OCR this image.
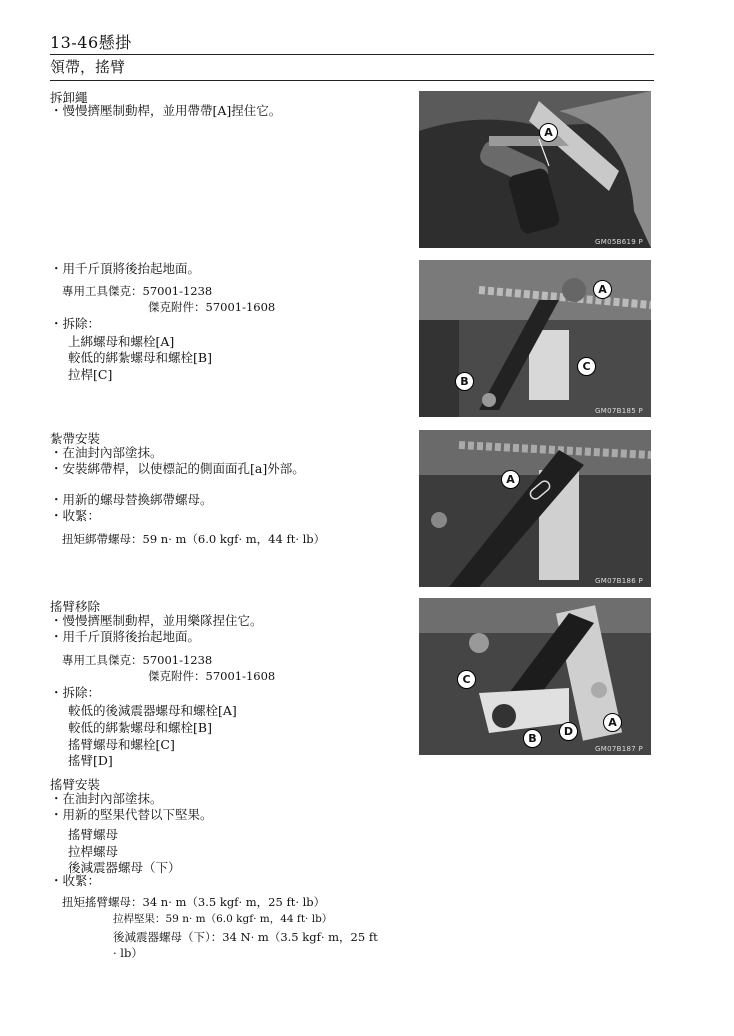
13-46懸掛
領帶，搖臂
拆卸繩
・慢慢擠壓制動桿，並用帶帶[A]捏住它。
・用千斤頂將後抬起地面。
專用工具傑克：57001-1238
傑克附件：57001-1608
・拆除：
上綁螺母和螺栓[A]
較低的綁紮螺母和螺栓[B]
拉桿[C]
紮帶安裝
・在油封內部塗抹。
・安裝綁帶桿，以使標記的側面面孔[a]外部。
・用新的螺母替換綁帶螺母。
・收緊：
扭矩綁帶螺母：59 n· m（6.0 kgf· m，44 ft· lb）
搖臂移除
・慢慢擠壓制動桿，並用樂隊捏住它。
・用千斤頂將後抬起地面。
專用工具傑克：57001-1238
傑克附件：57001-1608
・拆除：
較低的後減震器螺母和螺栓[A]
較低的綁紮螺母和螺栓[B]
搖臂螺母和螺栓[C]
搖臂[D]
搖臂安裝
・在油封內部塗抹。
・用新的堅果代替以下堅果。
搖臂螺母
拉桿螺母
後減震器螺母（下）
・收緊：
扭矩搖臂螺母：34 n· m（3.5 kgf· m，25 ft· lb）
拉桿堅果：59 n· m（6.0 kgf· m，44 ft· lb）
後減震器螺母（下）：34 N· m（3.5 kgf· m，25 ft
· lb）
A
GM05B619 P
A
B
C
GM07B185 P
A
GM07B186 P
C
B
D
A
GM07B187 P
